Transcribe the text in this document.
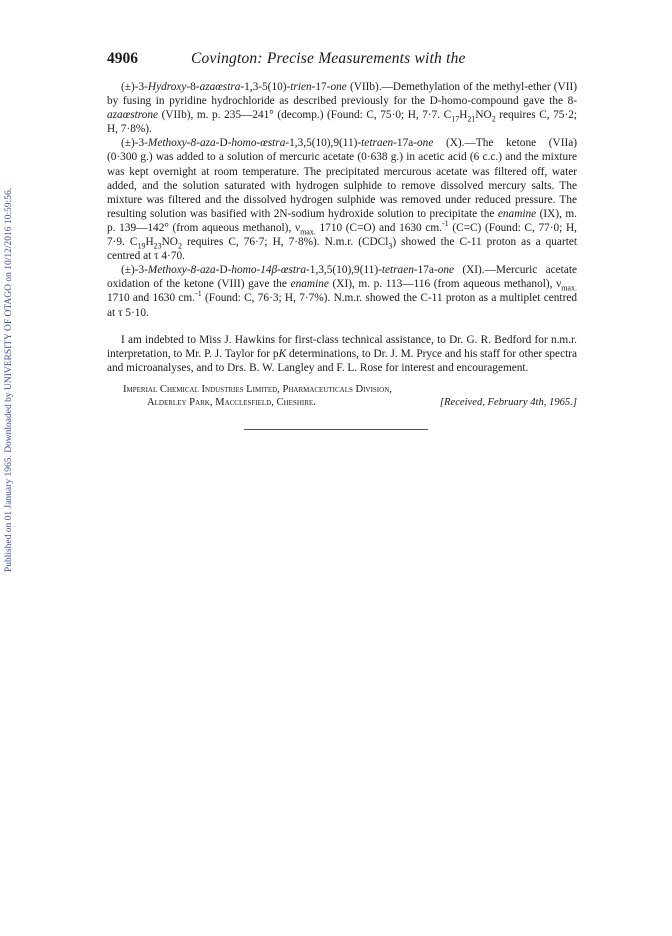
Published on 01 January 1965. Downloaded by UNIVERSITY OF OTAGO on 10/12/2016 10:59:56.
4906	Covington: Precise Measurements with the

(±)-3-Hydroxy-8-azaœstra-1,3-5(10)-trien-17-one (VIIb).—Demethylation of the methyl-ether (VII) by fusing in pyridine hydrochloride as described previously for the D-homo-compound gave the 8-azaœstrone (VIIb), m. p. 235—241° (decomp.) (Found: C, 75·0; H, 7·7. $C_{17}H_{21}NO_2$ requires C, 75·2; H, 7·8%).

(±)-3-Methoxy-8-aza-D-homo-œstra-1,3,5(10),9(11)-tetraen-17a-one (X).—The ketone (VIIa) (0·300 g.) was added to a solution of mercuric acetate (0·638 g.) in acetic acid (6 c.c.) and the mixture was kept overnight at room temperature. The precipitated mercurous acetate was filtered off, water added, and the solution saturated with hydrogen sulphide to remove dissolved mercury salts. The mixture was filtered and the dissolved hydrogen sulphide was removed under reduced pressure. The resulting solution was basified with 2N-sodium hydroxide solution to precipitate the enamine (IX), m. p. 139—142° (from aqueous methanol), $\nu_{max.}$ 1710 (C=O) and 1630 cm.$^{-1}$ (C=C) (Found: C, 77·0; H, 7·9. $C_{19}H_{23}NO_2$ requires C, 76·7; H, 7·8%). N.m.r. (CDCl$_3$) showed the C-11 proton as a quartet centred at τ 4·70.

(±)-3-Methoxy-8-aza-D-homo-14β-œstra-1,3,5(10),9(11)-tetraen-17a-one (XI).—Mercuric acetate oxidation of the ketone (VIII) gave the enamine (XI), m. p. 113—116 (from aqueous methanol), $\nu_{max.}$ 1710 and 1630 cm.$^{-1}$ (Found: C, 76·3; H, 7·7%). N.m.r. showed the C-11 proton as a multiplet centred at τ 5·10.

I am indebted to Miss J. Hawkins for first-class technical assistance, to Dr. G. R. Bedford for n.m.r. interpretation, to Mr. P. J. Taylor for pK determinations, to Dr. J. M. Pryce and his staff for other spectra and microanalyses, and to Drs. B. W. Langley and F. L. Rose for interest and encouragement.

Imperial Chemical Industries Limited, Pharmaceuticals Division,
Alderley Park, Macclesfield, Cheshire.	[Received, February 4th, 1965.]
